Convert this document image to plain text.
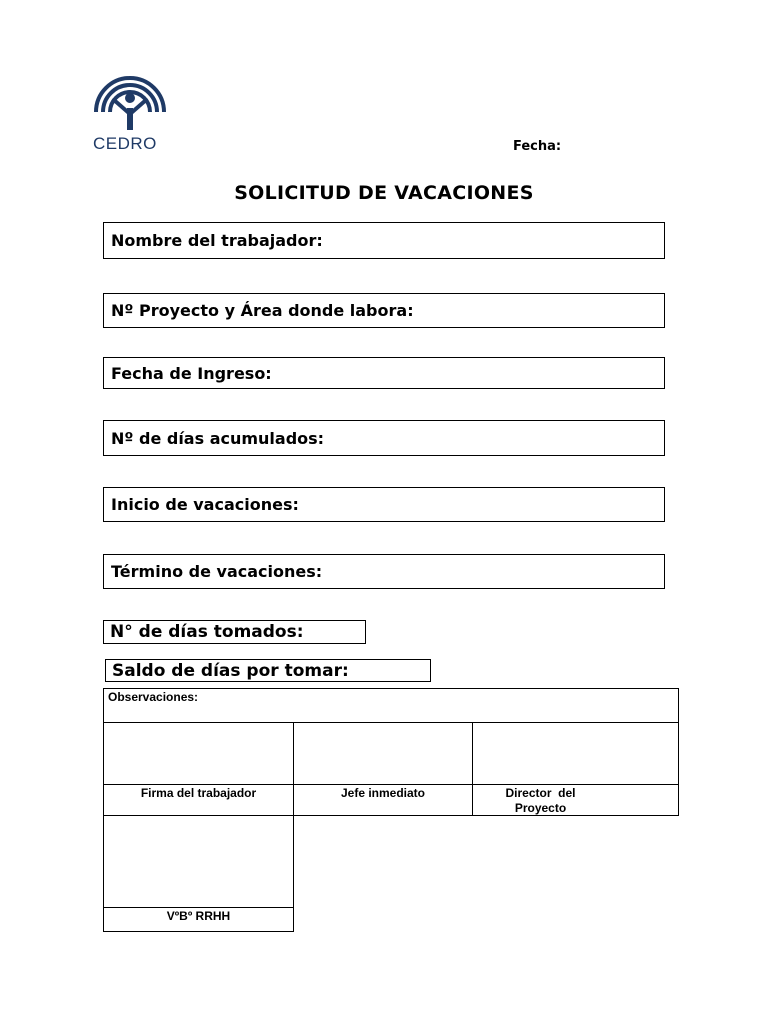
CEDRO	Fecha:
SOLICITUD DE VACACIONES
Nombre del trabajador:
Nº Proyecto y Área donde labora:
Fecha de Ingreso:
Nº de días acumulados:
Inicio de vacaciones:
Término de vacaciones:
N° de días tomados:
Saldo de días por tomar:
Observaciones:
Firma del trabajador	Jefe inmediato	Director  del
Proyecto
VºBº RRHH
